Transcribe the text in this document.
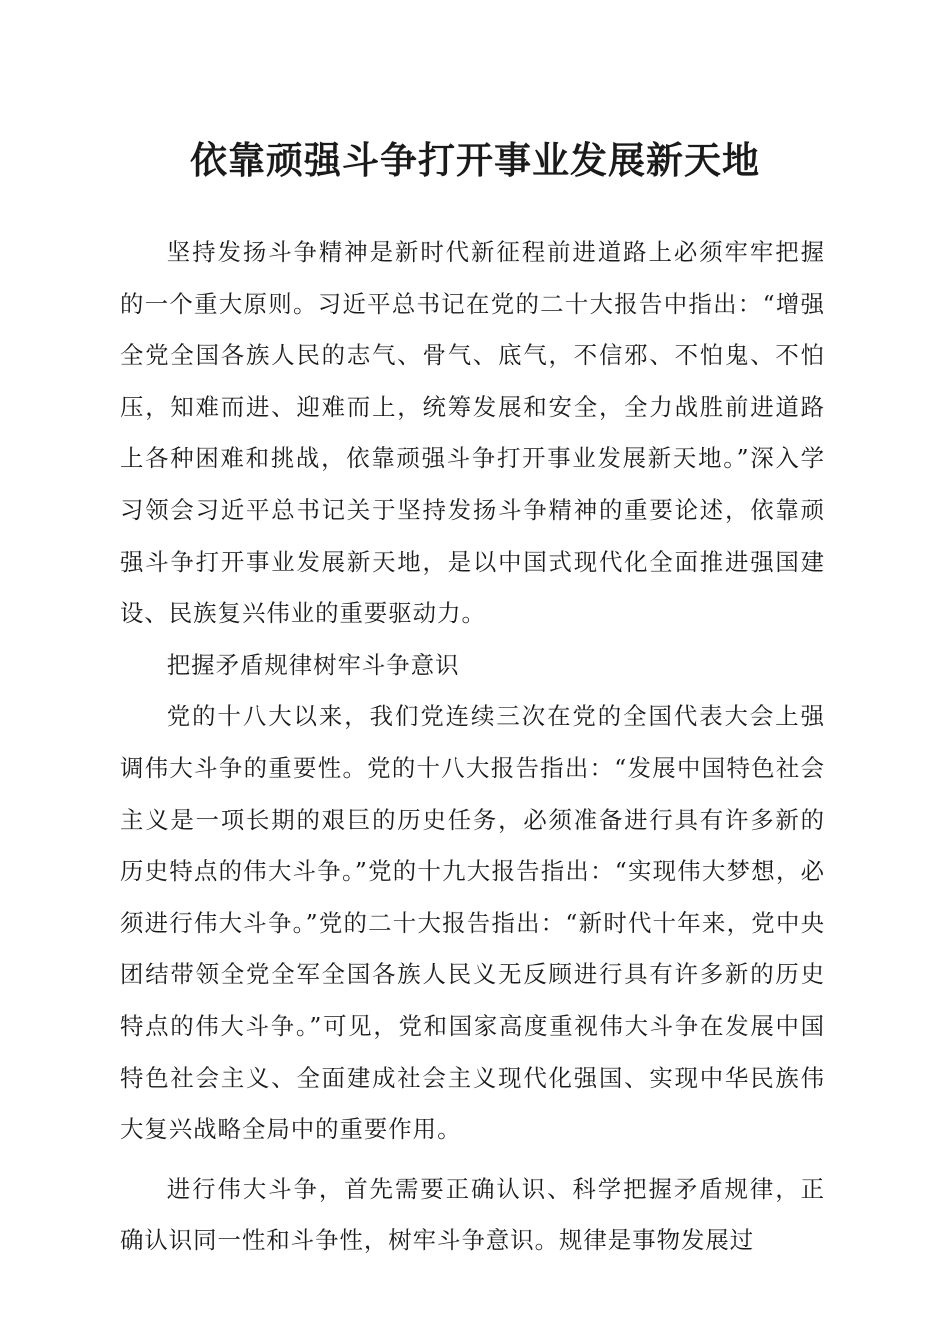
依靠顽强斗争打开事业发展新天地

坚持发扬斗争精神是新时代新征程前进道路上必须牢牢把握的一个重大原则。习近平总书记在党的二十大报告中指出：“增强全党全国各族人民的志气、骨气、底气，不信邪、不怕鬼、不怕压，知难而进、迎难而上，统筹发展和安全，全力战胜前进道路上各种困难和挑战，依靠顽强斗争打开事业发展新天地。”深入学习领会习近平总书记关于坚持发扬斗争精神的重要论述，依靠顽强斗争打开事业发展新天地，是以中国式现代化全面推进强国建设、民族复兴伟业的重要驱动力。

把握矛盾规律树牢斗争意识

党的十八大以来，我们党连续三次在党的全国代表大会上强调伟大斗争的重要性。党的十八大报告指出：“发展中国特色社会主义是一项长期的艰巨的历史任务，必须准备进行具有许多新的历史特点的伟大斗争。”党的十九大报告指出：“实现伟大梦想，必须进行伟大斗争。”党的二十大报告指出：“新时代十年来，党中央团结带领全党全军全国各族人民义无反顾进行具有许多新的历史特点的伟大斗争。”可见，党和国家高度重视伟大斗争在发展中国特色社会主义、全面建成社会主义现代化强国、实现中华民族伟大复兴战略全局中的重要作用。

进行伟大斗争，首先需要正确认识、科学把握矛盾规律，正确认识同一性和斗争性，树牢斗争意识。规律是事物发展过
